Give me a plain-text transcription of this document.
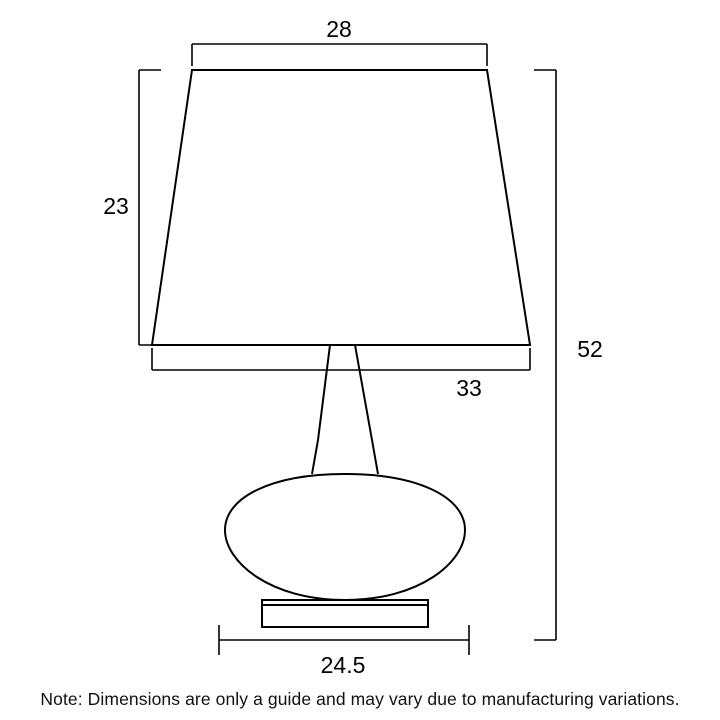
28
23
33
52
24.5
Note: Dimensions are only a guide and may vary due to manufacturing variations.
